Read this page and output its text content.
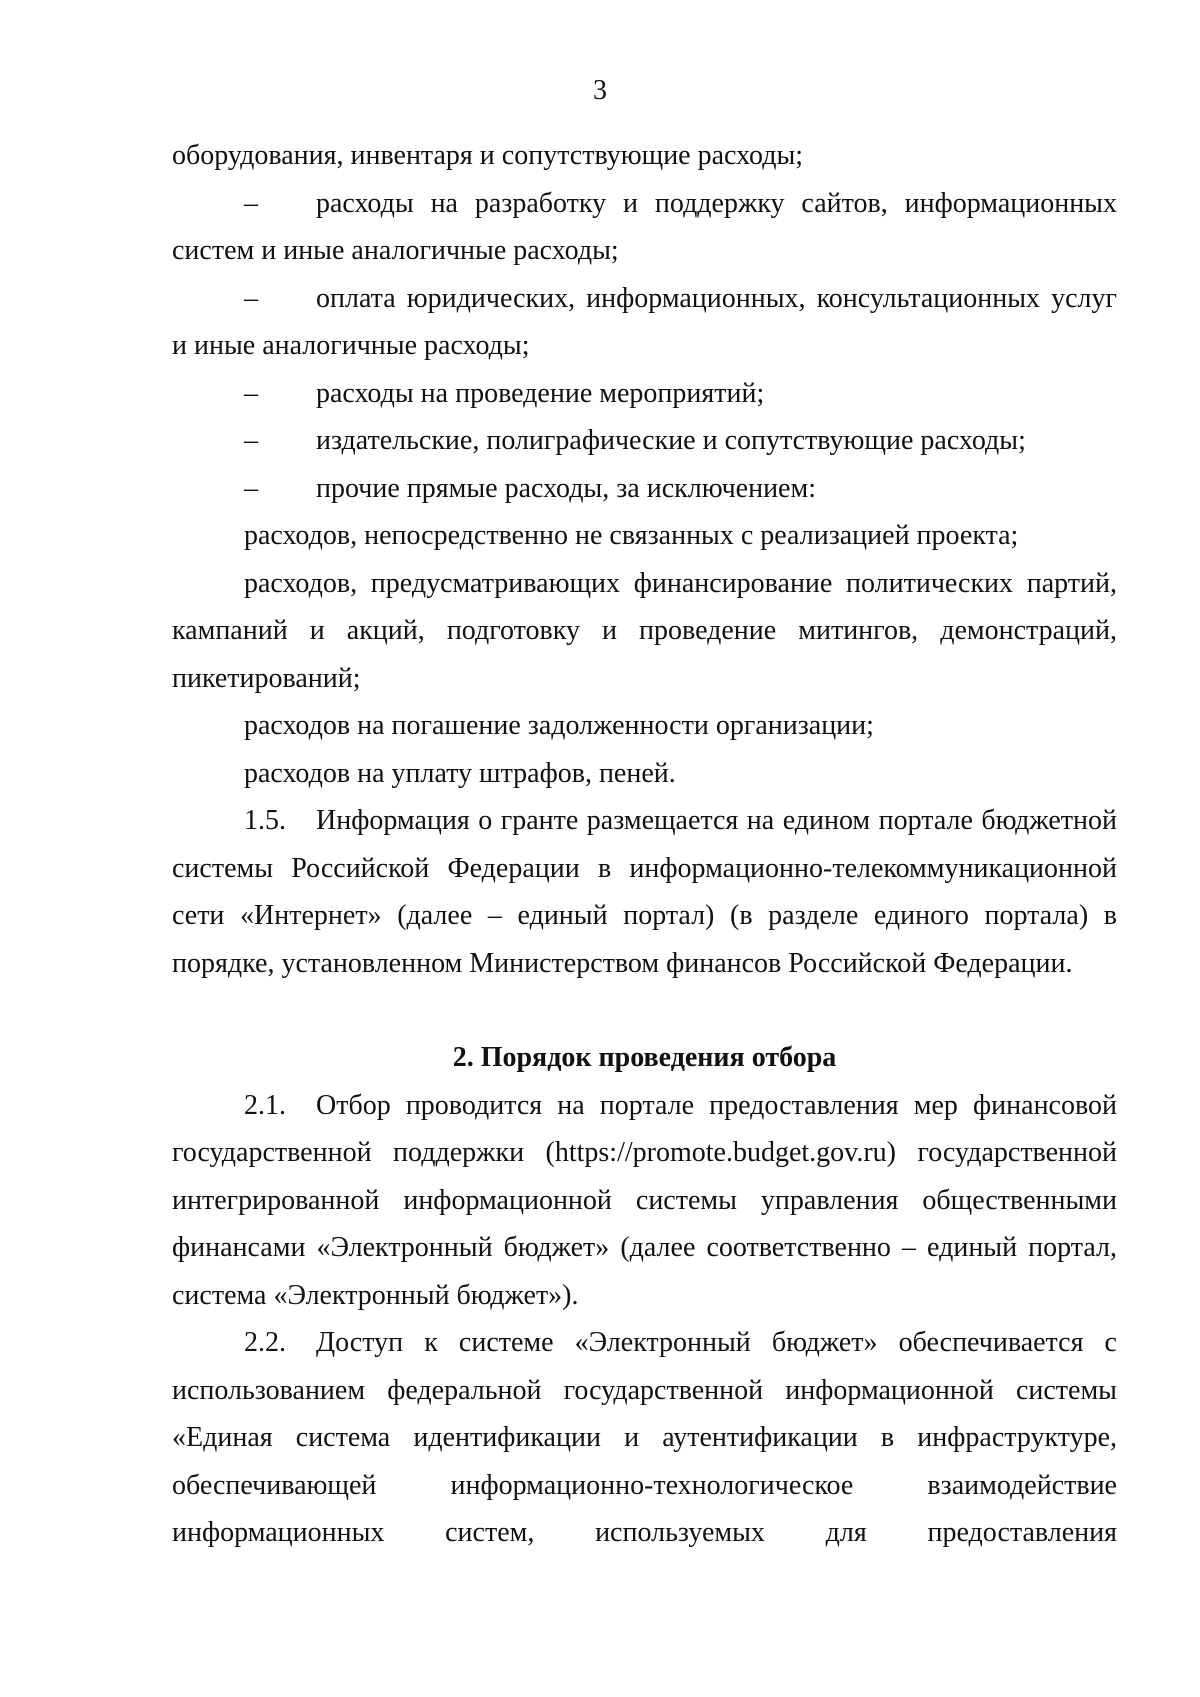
3

оборудования, инвентаря и сопутствующие расходы;

– расходы на разработку и поддержку сайтов, информационных систем и иные аналогичные расходы;

– оплата юридических, информационных, консультационных услуг и иные аналогичные расходы;

– расходы на проведение мероприятий;

– издательские, полиграфические и сопутствующие расходы;

– прочие прямые расходы, за исключением:

расходов, непосредственно не связанных с реализацией проекта;

расходов, предусматривающих финансирование политических партий, кампаний и акций, подготовку и проведение митингов, демонстраций, пикетирований;

расходов на погашение задолженности организации;

расходов на уплату штрафов, пеней.

1.5. Информация о гранте размещается на едином портале бюджетной системы Российской Федерации в информационно-телекоммуникационной сети «Интернет» (далее – единый портал) (в разделе единого портала) в порядке, установленном Министерством финансов Российской Федерации.

2. Порядок проведения отбора

2.1. Отбор проводится на портале предоставления мер финансовой государственной поддержки (https://promote.budget.gov.ru) государственной интегрированной информационной системы управления общественными финансами «Электронный бюджет» (далее соответственно – единый портал, система «Электронный бюджет»).

2.2. Доступ к системе «Электронный бюджет» обеспечивается с использованием федеральной государственной информационной системы «Единая система идентификации и аутентификации в инфраструктуре, обеспечивающей информационно-технологическое взаимодействие информационных систем, используемых для предоставления
